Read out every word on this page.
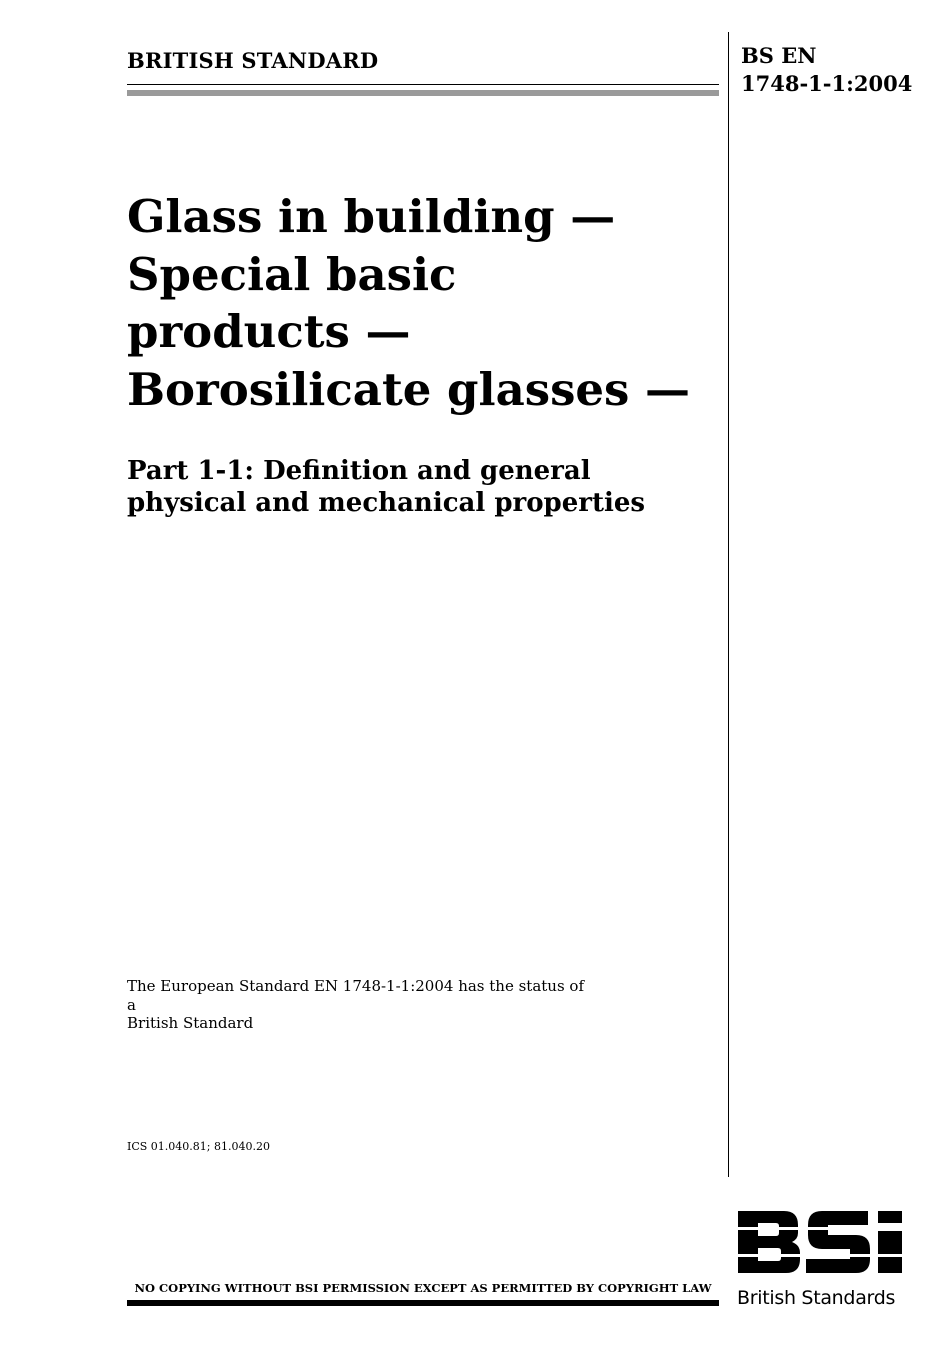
BRITISH STANDARD	BS EN
1748-1-1:2004
Glass in building —
Special basic
products —
Borosilicate glasses —
Part 1-1: Definition and general
physical and mechanical properties
The European Standard EN 1748-1-1:2004 has the status of a
British Standard
ICS 01.040.81; 81.040.20
NO COPYING WITHOUT BSI PERMISSION EXCEPT AS PERMITTED BY COPYRIGHT LAW	British Standards
